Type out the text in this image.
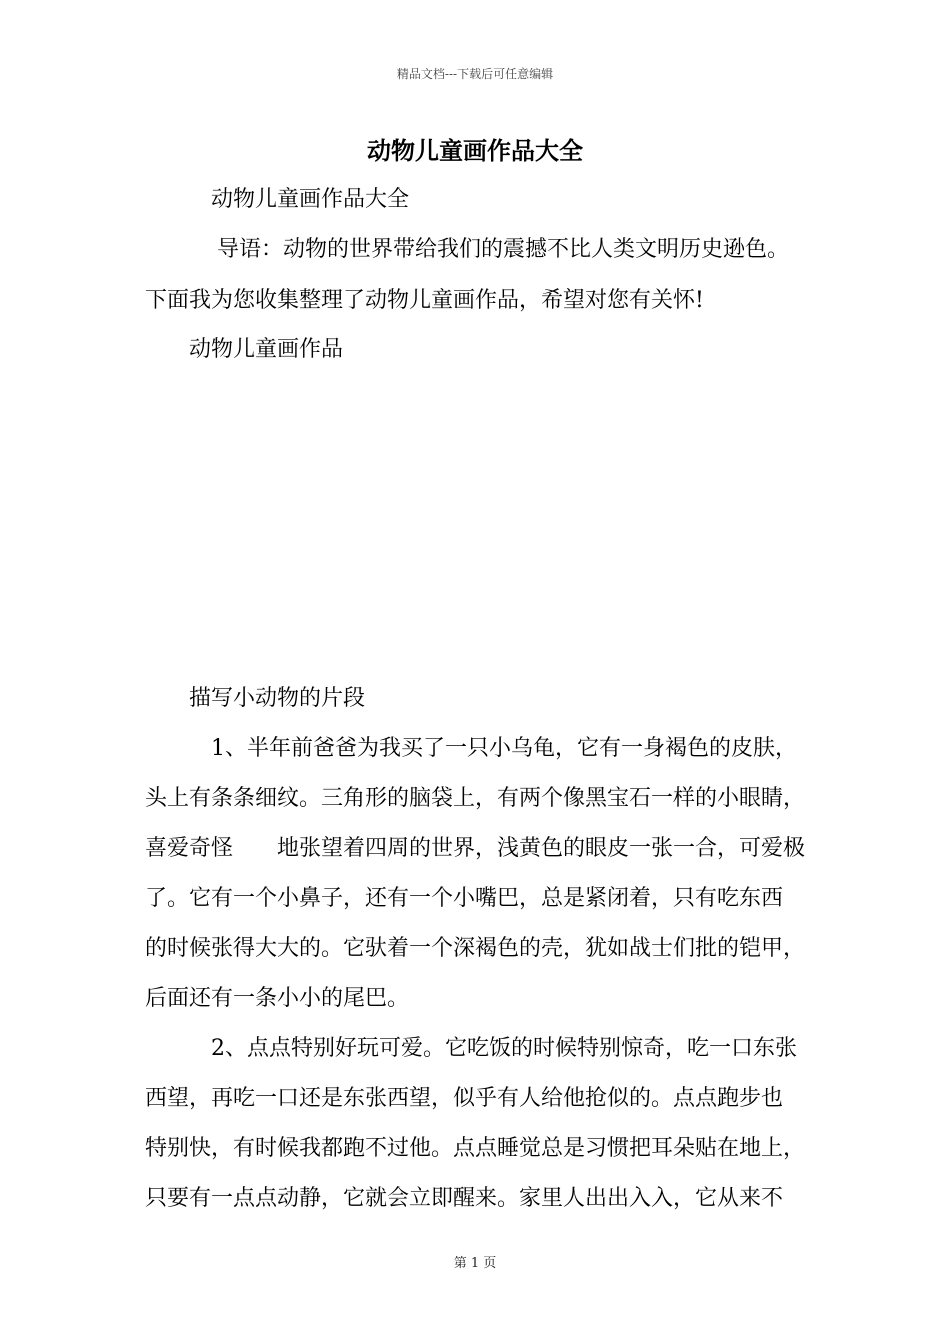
精品文档---下载后可任意编辑
动物儿童画作品大全
动物儿童画作品大全
导语：动物的世界带给我们的震撼不比人类文明历史逊色。
下面我为您收集整理了动物儿童画作品，希望对您有关怀!
动物儿童画作品
描写小动物的片段
1、半年前爸爸为我买了一只小乌龟，它有一身褐色的皮肤，
头上有条条细纹。三角形的脑袋上，有两个像黑宝石一样的小眼睛，
喜爱奇怪　　地张望着四周的世界，浅黄色的眼皮一张一合，可爱极
了。它有一个小鼻子，还有一个小嘴巴，总是紧闭着，只有吃东西
的时候张得大大的。它驮着一个深褐色的壳，犹如战士们批的铠甲，
后面还有一条小小的尾巴。
2、点点特别好玩可爱。它吃饭的时候特别惊奇，吃一口东张
西望，再吃一口还是东张西望，似乎有人给他抢似的。点点跑步也
特别快，有时候我都跑不过他。点点睡觉总是习惯把耳朵贴在地上，
只要有一点点动静，它就会立即醒来。家里人出出入入，它从来不
第 1 页
